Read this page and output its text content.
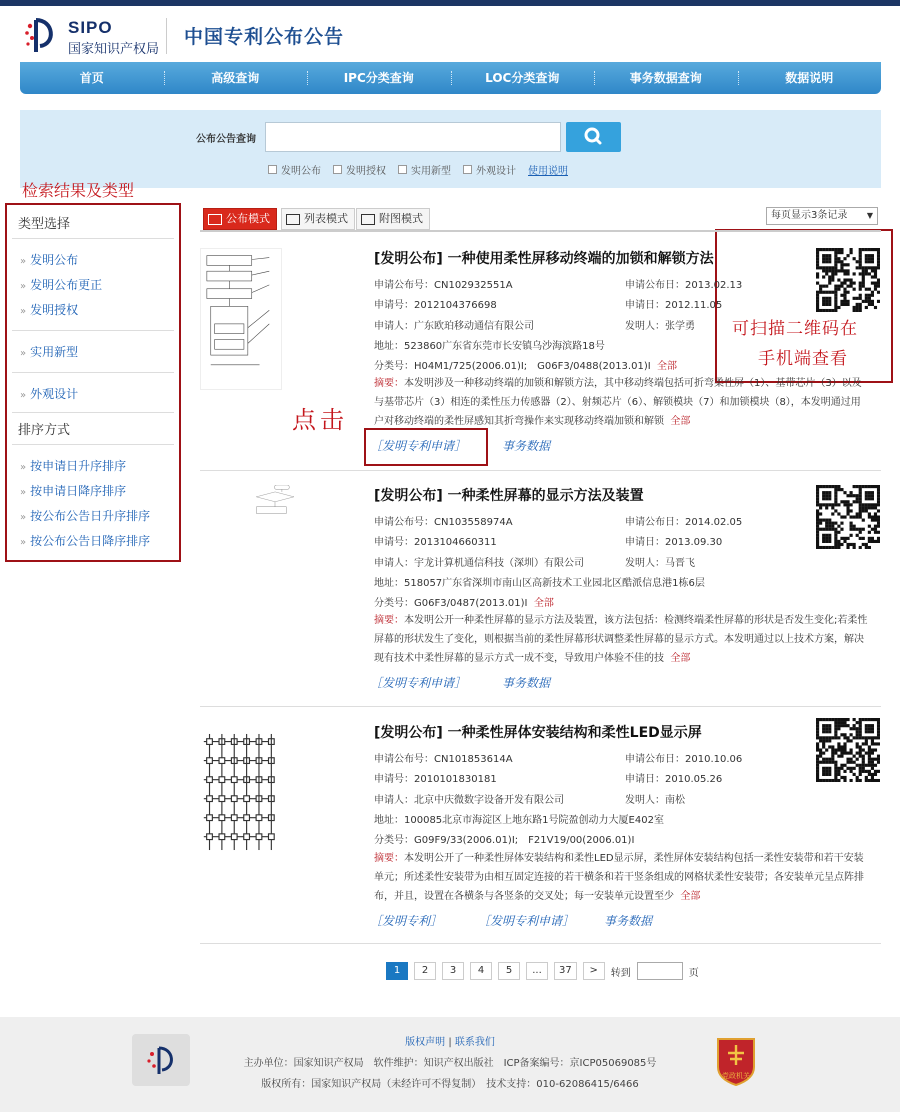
SIPO
国家知识产权局
中国专利公布公告
首页	高级查询	IPC分类查询	LOC分类查询	事务数据查询	数据说明
公布公告查询
发明公布	发明授权	实用新型	外观设计 使用说明
检索结果及类型
点击
可扫描二维码在
手机端查看
类型选择
» 发明公布
» 发明公布更正
» 发明授权
» 实用新型
» 外观设计
排序方式
» 按申请日升序排序
» 按申请日降序排序
» 按公布公告日升序排序
» 按公布公告日降序排序
公布模式	列表模式	附图模式	每页显示3条记录 ▼
[发明公布] 一种使用柔性屏移动终端的加锁和解锁方法
申请公布号：CN102932551A	申请公布日：2013.02.13
申请号：2012104376698	申请日：2012.11.05
申请人：广东欧珀移动通信有限公司	发明人：张学勇
地址：523860广东省东莞市长安镇乌沙海滨路18号
分类号：H04M1/725(2006.01)I;　G06F3/0488(2013.01)I 全部
摘要：本发明涉及一种移动终端的加锁和解锁方法，其中移动终端包括可折弯柔性屏（1）、基带芯片（3）以及与基带芯片（3）相连的柔性压力传感器（2）、射频芯片（6）、解锁模块（7）和加锁模块（8），本发明通过用户对移动终端的柔性屏感知其折弯操作来实现移动终端加锁和解锁 全部
［发明专利申请］	事务数据
[发明公布] 一种柔性屏幕的显示方法及装置
申请公布号：CN103558974A	申请公布日：2014.02.05
申请号：2013104660311	申请日：2013.09.30
申请人：宇龙计算机通信科技（深圳）有限公司	发明人：马晋飞
地址：518057广东省深圳市南山区高新技术工业园北区酷派信息港1栋6层
分类号：G06F3/0487(2013.01)I 全部
摘要：本发明公开一种柔性屏幕的显示方法及装置，该方法包括：检测终端柔性屏幕的形状是否发生变化;若柔性屏幕的形状发生了变化，则根据当前的柔性屏幕形状调整柔性屏幕的显示方式。本发明通过以上技术方案，解决现有技术中柔性屏幕的显示方式一成不变，导致用户体验不佳的技 全部
［发明专利申请］	事务数据
[发明公布] 一种柔性屏体安装结构和柔性LED显示屏
申请公布号：CN101853614A	申请公布日：2010.10.06
申请号：2010101830181	申请日：2010.05.26
申请人：北京中庆微数字设备开发有限公司	发明人：南松
地址：100085北京市海淀区上地东路1号院盈创动力大厦E402室
分类号：G09F9/33(2006.01)I;　F21V19/00(2006.01)I
摘要：本发明公开了一种柔性屏体安装结构和柔性LED显示屏，柔性屏体安装结构包括一柔性安装带和若干安装单元；所述柔性安装带为由相互固定连接的若干横条和若干竖条组成的网格状柔性安装带；各安装单元呈点阵排布，并且，设置在各横条与各竖条的交叉处；每一安装单元设置至少 全部
［发明专利］	［发明专利申请］ 事务数据
1	2	3	4	5	...	37	>	转到	页
版权声明 | 联系我们
主办单位：国家知识产权局　软件维护：知识产权出版社　ICP备案编号：京ICP05069085号
版权所有：国家知识产权局（未经许可不得复制）　技术支持：010-62086415/6466
党政机关
